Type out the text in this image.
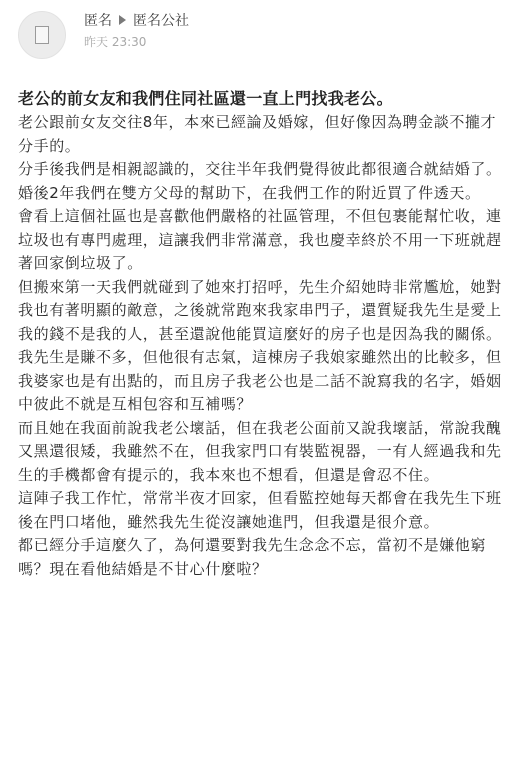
匿名 匿名公社
昨天 23:30
老公的前女友和我們住同社區還一直上門找我老公。

老公跟前女友交往8年，本來已經論及婚嫁，但好像因為聘金談不攏才分手的。

分手後我們是相親認識的，交往半年我們覺得彼此都很適合就結婚了。

婚後2年我們在雙方父母的幫助下，在我們工作的附近買了件透天。

會看上這個社區也是喜歡他們嚴格的社區管理，不但包裹能幫忙收，連垃圾也有專門處理，這讓我們非常滿意，我也慶幸終於不用一下班就趕著回家倒垃圾了。

但搬來第一天我們就碰到了她來打招呼，先生介紹她時非常尷尬，她對我也有著明顯的敵意，之後就常跑來我家串門子，還質疑我先生是愛上我的錢不是我的人，甚至還說他能買這麼好的房子也是因為我的關係。

我先生是賺不多，但他很有志氣，這棟房子我娘家雖然出的比較多，但我婆家也是有出點的，而且房子我老公也是二話不說寫我的名字，婚姻中彼此不就是互相包容和互補嗎？

而且她在我面前說我老公壞話，但在我老公面前又說我壞話，常說我醜又黑還很矮，我雖然不在，但我家門口有裝監視器，一有人經過我和先生的手機都會有提示的，我本來也不想看，但還是會忍不住。

這陣子我工作忙，常常半夜才回家，但看監控她每天都會在我先生下班後在門口堵他，雖然我先生從沒讓她進門，但我還是很介意。

都已經分手這麼久了，為何還要對我先生念念不忘，當初不是嫌他窮嗎？現在看他結婚是不甘心什麼啦？
